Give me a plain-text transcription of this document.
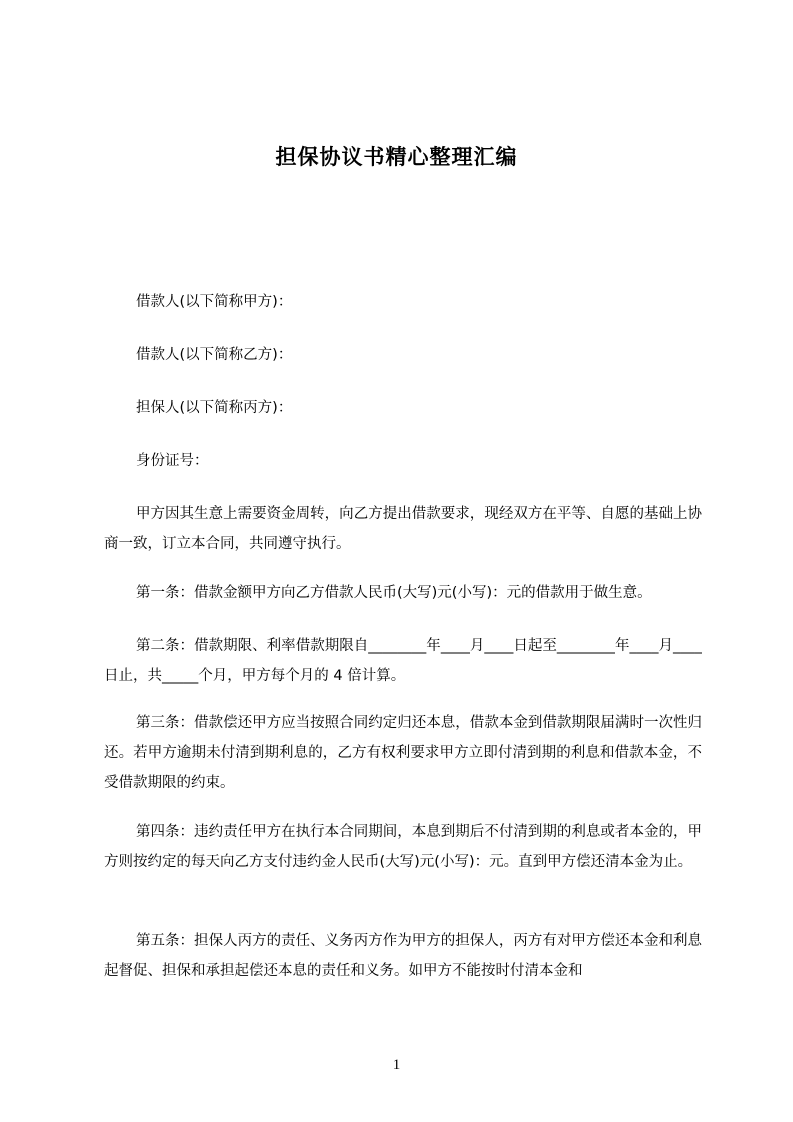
担保协议书精心整理汇编
借款人(以下简称甲方)：
借款人(以下简称乙方)：
担保人(以下简称丙方)：
身份证号：
甲方因其生意上需要资金周转，向乙方提出借款要求，现经双方在平等、自愿的基础上协商一致，订立本合同，共同遵守执行。
第一条：借款金额甲方向乙方借款人民币(大写)元(小写)：元的借款用于做生意。
第二条：借款期限、利率借款期限自________年____月____日起至________年____月____日止，共_____个月，甲方每个月的 4 倍计算。
第三条：借款偿还甲方应当按照合同约定归还本息，借款本金到借款期限届满时一次性归还。若甲方逾期未付清到期利息的，乙方有权利要求甲方立即付清到期的利息和借款本金，不受借款期限的约束。
第四条：违约责任甲方在执行本合同期间，本息到期后不付清到期的利息或者本金的，甲方则按约定的每天向乙方支付违约金人民币(大写)元(小写)：元。直到甲方偿还清本金为止。
第五条：担保人丙方的责任、义务丙方作为甲方的担保人，丙方有对甲方偿还本金和利息起督促、担保和承担起偿还本息的责任和义务。如甲方不能按时付清本金和
1
